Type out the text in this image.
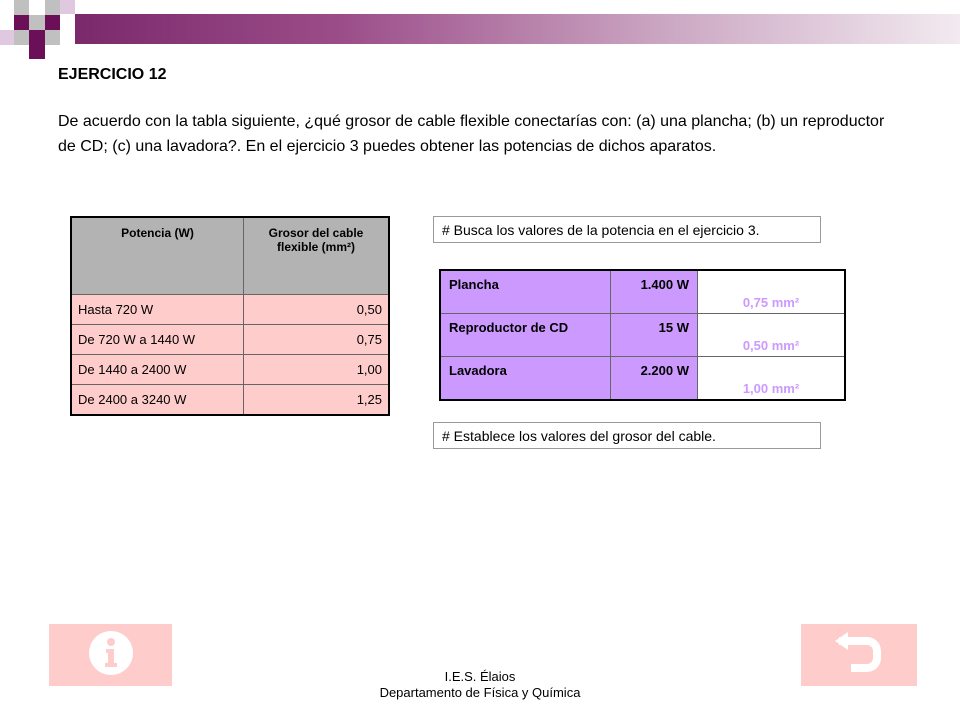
EJERCICIO 12
De acuerdo con la tabla siguiente, ¿qué grosor de cable flexible conectarías con: (a) una plancha; (b) un reproductor de CD; (c) una lavadora?. En el ejercicio 3 puedes obtener las potencias de dichos aparatos.
Potencia (W)	Grosor del cable flexible (mm²)
Hasta 720 W	0,50
De 720 W a 1440 W	0,75
De 1440 a 2400 W	1,00
De 2400 a 3240 W	1,25
# Busca los valores de la potencia en el ejercicio 3.
Plancha	1.400 W	0,75 mm²
Reproductor de CD	15 W	0,50 mm²
Lavadora	2.200 W	1,00 mm²
# Establece los valores del grosor del cable.
I.E.S. Élaios
Departamento de Física y Química
